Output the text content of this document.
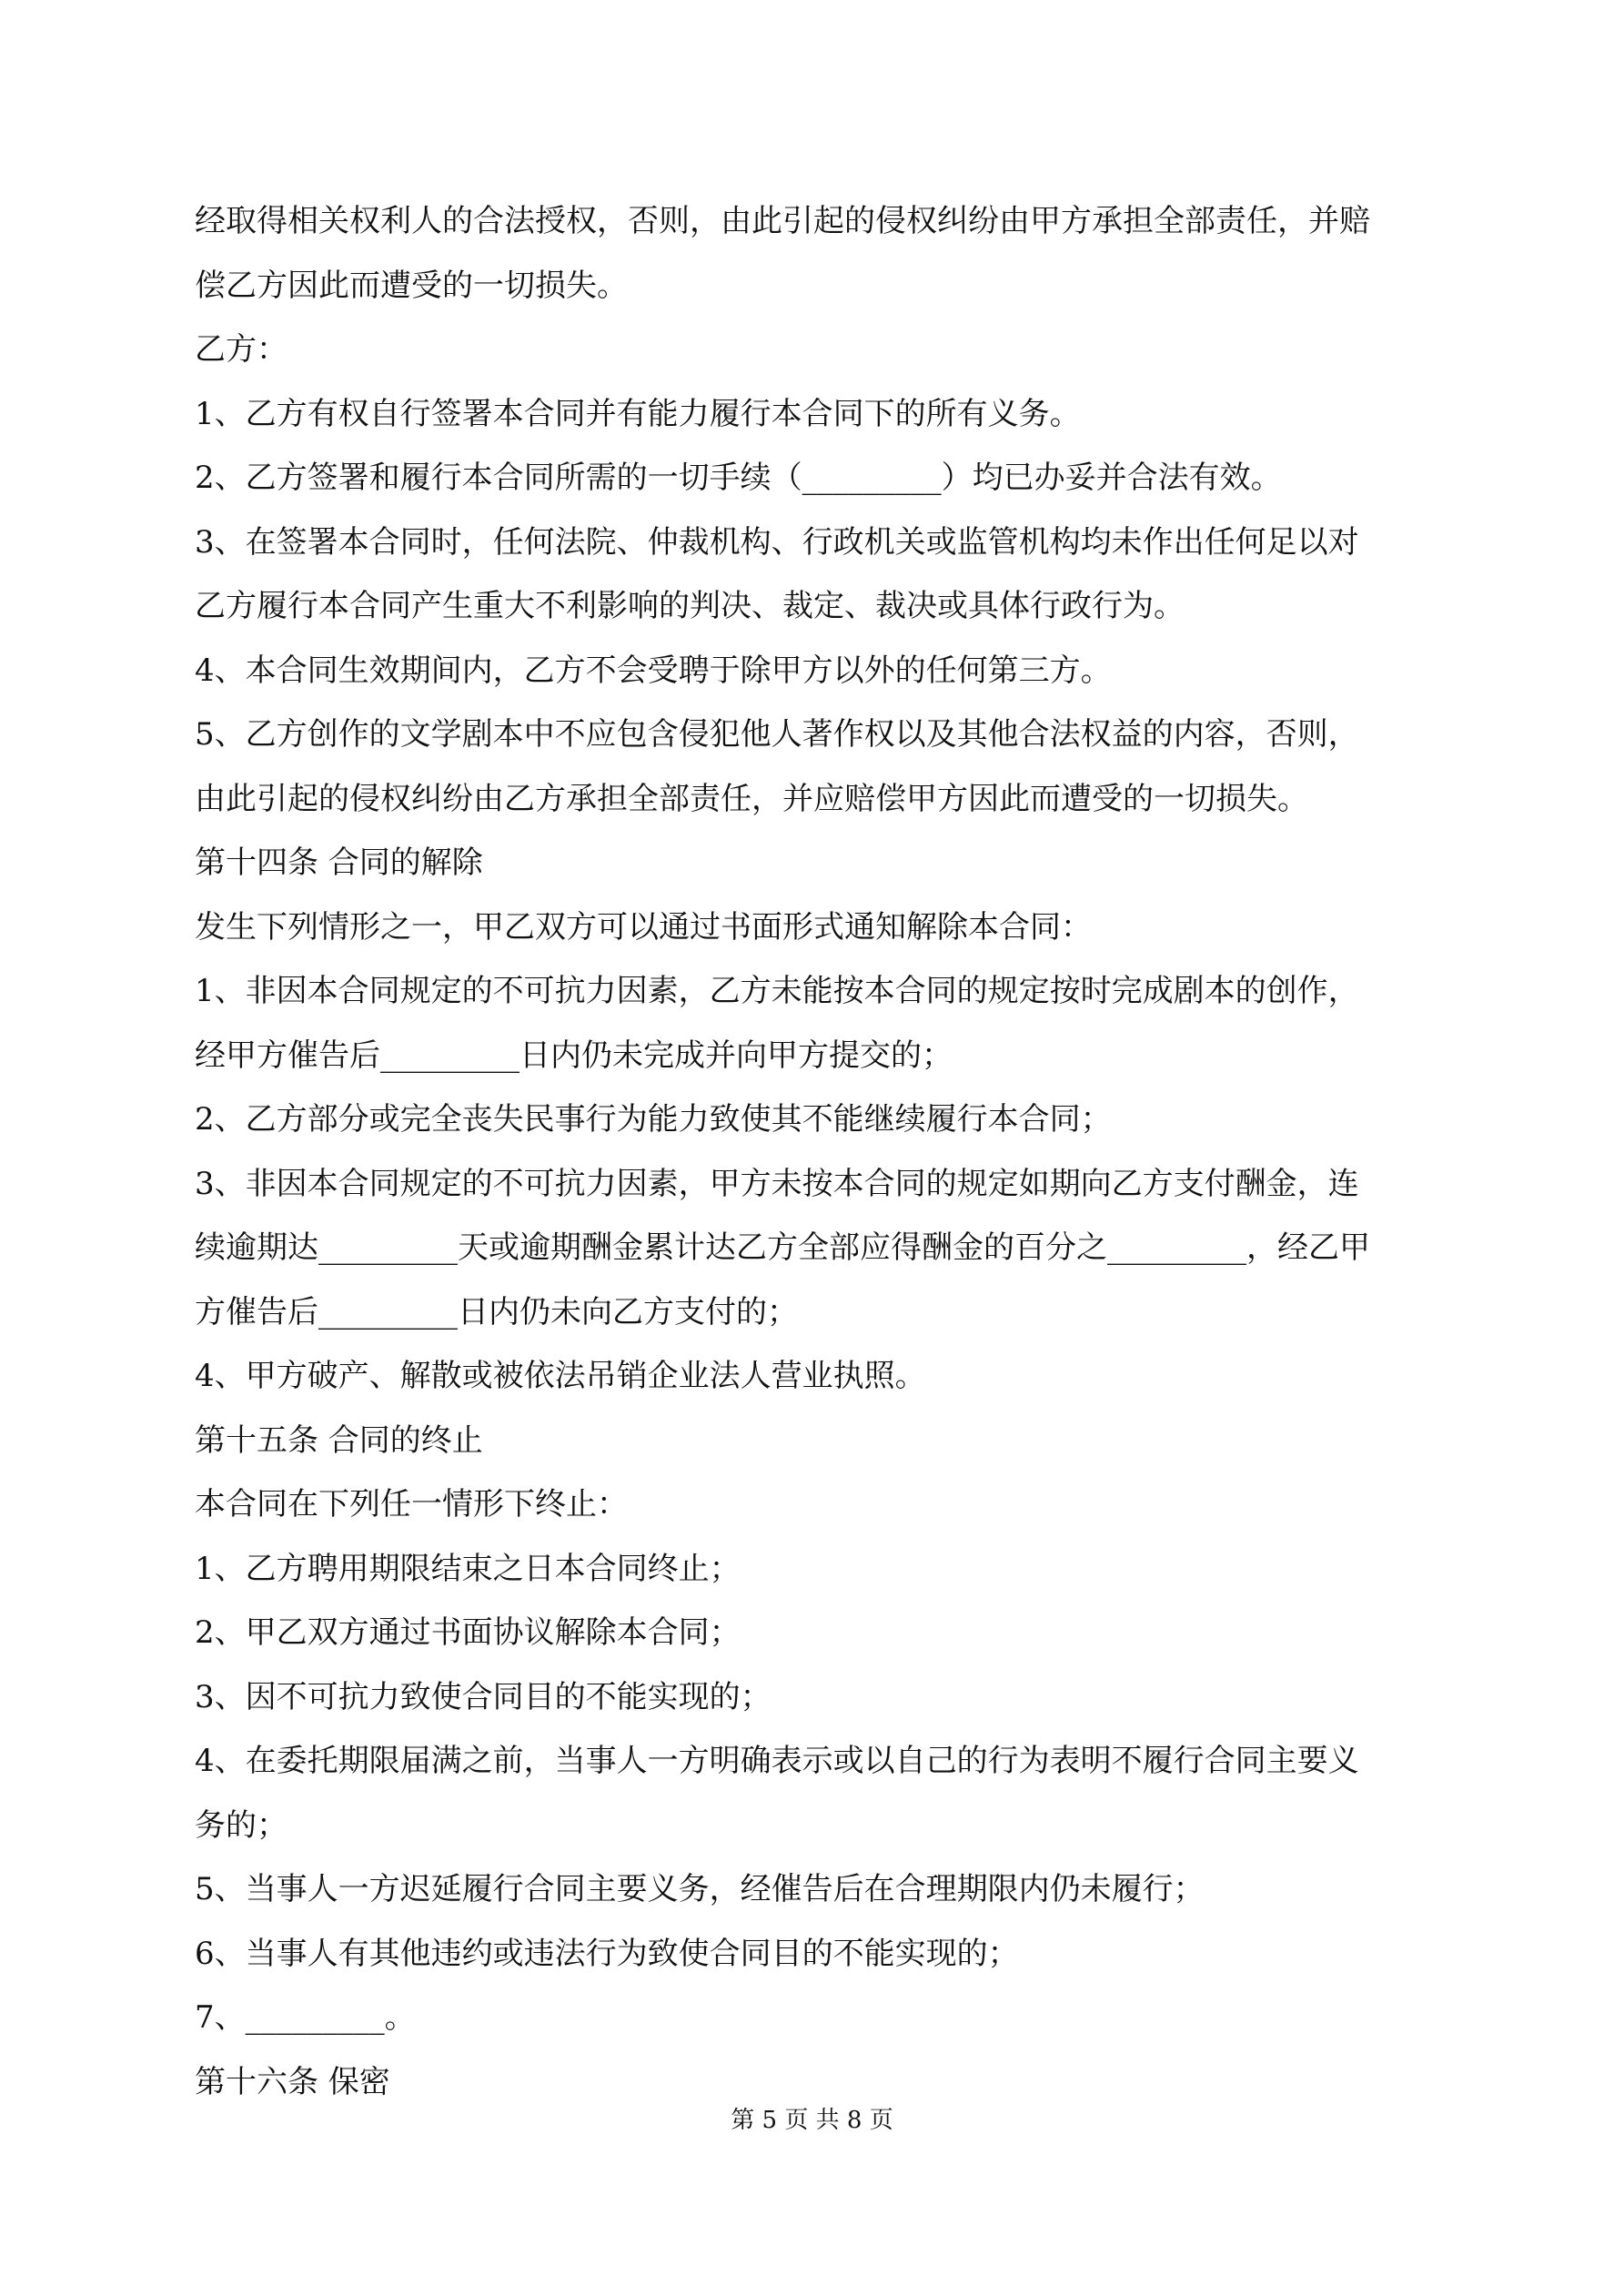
经取得相关权利人的合法授权，否则，由此引起的侵权纠纷由甲方承担全部责任，并赔
偿乙方因此而遭受的一切损失。
乙方：
1、乙方有权自行签署本合同并有能力履行本合同下的所有义务。
2、乙方签署和履行本合同所需的一切手续（_________）均已办妥并合法有效。
3、在签署本合同时，任何法院、仲裁机构、行政机关或监管机构均未作出任何足以对
乙方履行本合同产生重大不利影响的判决、裁定、裁决或具体行政行为。
4、本合同生效期间内，乙方不会受聘于除甲方以外的任何第三方。
5、乙方创作的文学剧本中不应包含侵犯他人著作权以及其他合法权益的内容，否则，
由此引起的侵权纠纷由乙方承担全部责任，并应赔偿甲方因此而遭受的一切损失。
第十四条 合同的解除
发生下列情形之一，甲乙双方可以通过书面形式通知解除本合同：
1、非因本合同规定的不可抗力因素，乙方未能按本合同的规定按时完成剧本的创作，
经甲方催告后_________日内仍未完成并向甲方提交的；
2、乙方部分或完全丧失民事行为能力致使其不能继续履行本合同；
3、非因本合同规定的不可抗力因素，甲方未按本合同的规定如期向乙方支付酬金，连
续逾期达_________天或逾期酬金累计达乙方全部应得酬金的百分之_________，经乙甲
方催告后_________日内仍未向乙方支付的；
4、甲方破产、解散或被依法吊销企业法人营业执照。
第十五条 合同的终止
本合同在下列任一情形下终止：
1、乙方聘用期限结束之日本合同终止；
2、甲乙双方通过书面协议解除本合同；
3、因不可抗力致使合同目的不能实现的；
4、在委托期限届满之前，当事人一方明确表示或以自己的行为表明不履行合同主要义
务的；
5、当事人一方迟延履行合同主要义务，经催告后在合理期限内仍未履行；
6、当事人有其他违约或违法行为致使合同目的不能实现的；
7、_________。
第十六条 保密
第 5 页 共 8 页
